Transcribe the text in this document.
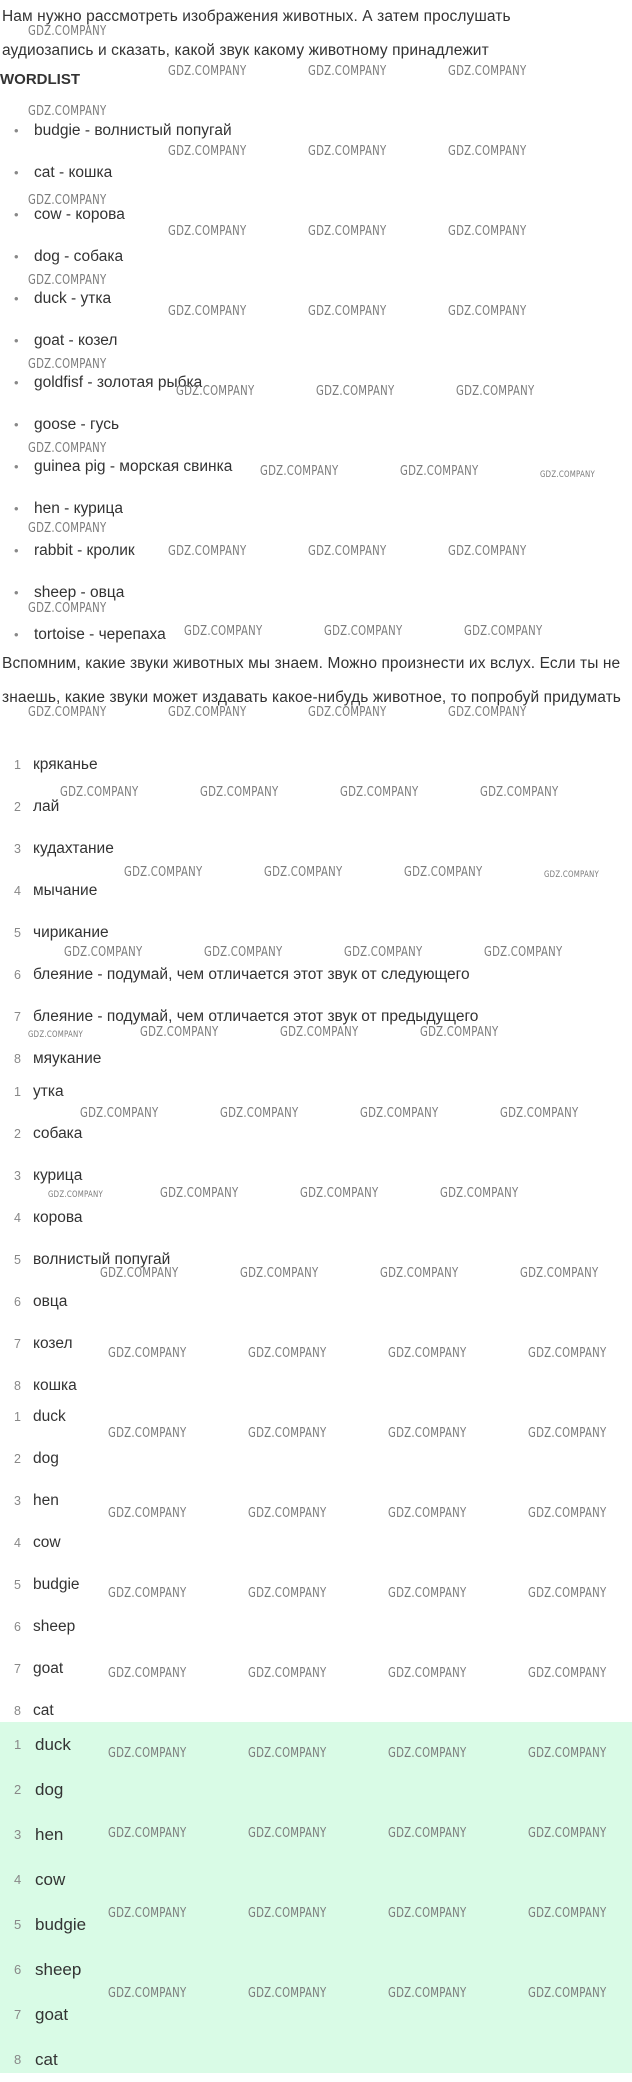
Нам нужно рассмотреть изображения животных. А затем прослушать аудиозапись и сказать, какой звук какому животному принадлежит

WORDLIST
• budgie - волнистый попугай
• cat - кошка
• cow - корова
• dog - собака
• duck - утка
• goat - козел
• goldfisf - золотая рыбка
• goose - гусь
• guinea pig - морская свинка
• hen - курица
• rabbit - кролик
• sheep - овца
• tortoise - черепаха

Вспомним, какие звуки животных мы знаем. Можно произнести их вслух. Если ты не знаешь, какие звуки может издавать какое-нибудь животное, то попробуй придумать

1 кряканье
2 лай
3 кудахтание
4 мычание
5 чирикание
6 блеяние - подумай, чем отличается этот звук от следующего
7 блеяние - подумай, чем отличается этот звук от предыдущего
8 мяукание
1 утка
2 собака
3 курица
4 корова
5 волнистый попугай
6 овца
7 козел
8 кошка
1 duck
2 dog
3 hen
4 cow
5 budgie
6 sheep
7 goat
8 cat
1 duck
2 dog
3 hen
4 cow
5 budgie
6 sheep
7 goat
8 cat
GDZ.COMPANY
GDZ.COMPANY	GDZ.COMPANY	GDZ.COMPANY
GDZ.COMPANY
GDZ.COMPANY	GDZ.COMPANY	GDZ.COMPANY
GDZ.COMPANY
GDZ.COMPANY	GDZ.COMPANY	GDZ.COMPANY
GDZ.COMPANY
GDZ.COMPANY	GDZ.COMPANY	GDZ.COMPANY
GDZ.COMPANY
GDZ.COMPANY	GDZ.COMPANY	GDZ.COMPANY
GDZ.COMPANY
GDZ.COMPANY	GDZ.COMPANY
GDZ.COMPANY
GDZ.COMPANY	GDZ.COMPANY	GDZ.COMPANY
GDZ.COMPANY
GDZ.COMPANY	GDZ.COMPANY	GDZ.COMPANY
GDZ.COMPANY	GDZ.COMPANY	GDZ.COMPANY	GDZ.COMPANY
GDZ.COMPANY	GDZ.COMPANY	GDZ.COMPANY	GDZ.COMPANY
GDZ.COMPANY	GDZ.COMPANY	GDZ.COMPANY
GDZ.COMPANY	GDZ.COMPANY	GDZ.COMPANY	GDZ.COMPANY
GDZ.COMPANY	GDZ.COMPANY	GDZ.COMPANY
GDZ.COMPANY	GDZ.COMPANY	GDZ.COMPANY	GDZ.COMPANY
GDZ.COMPANY	GDZ.COMPANY	GDZ.COMPANY
GDZ.COMPANY	GDZ.COMPANY	GDZ.COMPANY	GDZ.COMPANY
GDZ.COMPANY	GDZ.COMPANY	GDZ.COMPANY	GDZ.COMPANY
GDZ.COMPANY	GDZ.COMPANY	GDZ.COMPANY	GDZ.COMPANY
GDZ.COMPANY	GDZ.COMPANY	GDZ.COMPANY	GDZ.COMPANY
GDZ.COMPANY	GDZ.COMPANY	GDZ.COMPANY	GDZ.COMPANY
GDZ.COMPANY	GDZ.COMPANY	GDZ.COMPANY	GDZ.COMPANY
GDZ.COMPANY	GDZ.COMPANY	GDZ.COMPANY	GDZ.COMPANY
GDZ.COMPANY	GDZ.COMPANY	GDZ.COMPANY	GDZ.COMPANY
GDZ.COMPANY	GDZ.COMPANY	GDZ.COMPANY	GDZ.COMPANY
GDZ.COMPANY	GDZ.COMPANY	GDZ.COMPANY	GDZ.COMPANY
GDZ.COMPANY
GDZ.COMPANY
GDZ.COMPANY
GDZ.COMPANY
